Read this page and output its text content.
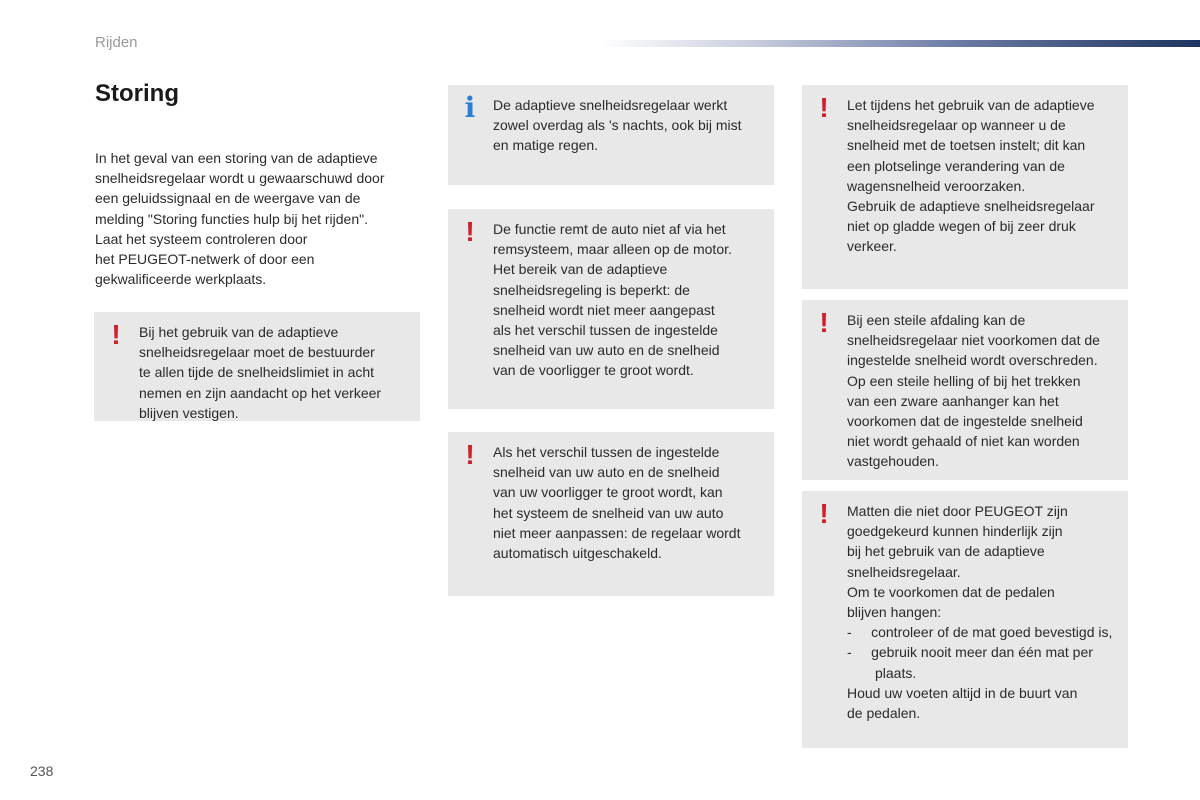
Rijden
Storing

In het geval van een storing van de adaptieve
snelheidsregelaar wordt u gewaarschuwd door
een geluidssignaal en de weergave van de
melding "Storing functies hulp bij het rijden".
Laat het systeem controleren door
het PEUGEOT-netwerk of door een
gekwalificeerde werkplaats.

! Bij het gebruik van de adaptieve
snelheidsregelaar moet de bestuurder
te allen tijde de snelheidslimiet in acht
nemen en zijn aandacht op het verkeer
blijven vestigen.
i De adaptieve snelheidsregelaar werkt
zowel overdag als 's nachts, ook bij mist
en matige regen.
! De functie remt de auto niet af via het
remsysteem, maar alleen op de motor.
Het bereik van de adaptieve
snelheidsregeling is beperkt: de
snelheid wordt niet meer aangepast
als het verschil tussen de ingestelde
snelheid van uw auto en de snelheid
van de voorligger te groot wordt.
! Als het verschil tussen de ingestelde
snelheid van uw auto en de snelheid
van uw voorligger te groot wordt, kan
het systeem de snelheid van uw auto
niet meer aanpassen: de regelaar wordt
automatisch uitgeschakeld.
! Let tijdens het gebruik van de adaptieve
snelheidsregelaar op wanneer u de
snelheid met de toetsen instelt; dit kan
een plotselinge verandering van de
wagensnelheid veroorzaken.
Gebruik de adaptieve snelheidsregelaar
niet op gladde wegen of bij zeer druk
verkeer.
! Bij een steile afdaling kan de
snelheidsregelaar niet voorkomen dat de
ingestelde snelheid wordt overschreden.
Op een steile helling of bij het trekken
van een zware aanhanger kan het
voorkomen dat de ingestelde snelheid
niet wordt gehaald of niet kan worden
vastgehouden.
! Matten die niet door PEUGEOT zijn
goedgekeurd kunnen hinderlijk zijn
bij het gebruik van de adaptieve
snelheidsregelaar.
Om te voorkomen dat de pedalen
blijven hangen:
-     controleer of de mat goed bevestigd is,
-     gebruik nooit meer dan één mat per plaats.
Houd uw voeten altijd in de buurt van
de pedalen.
238
